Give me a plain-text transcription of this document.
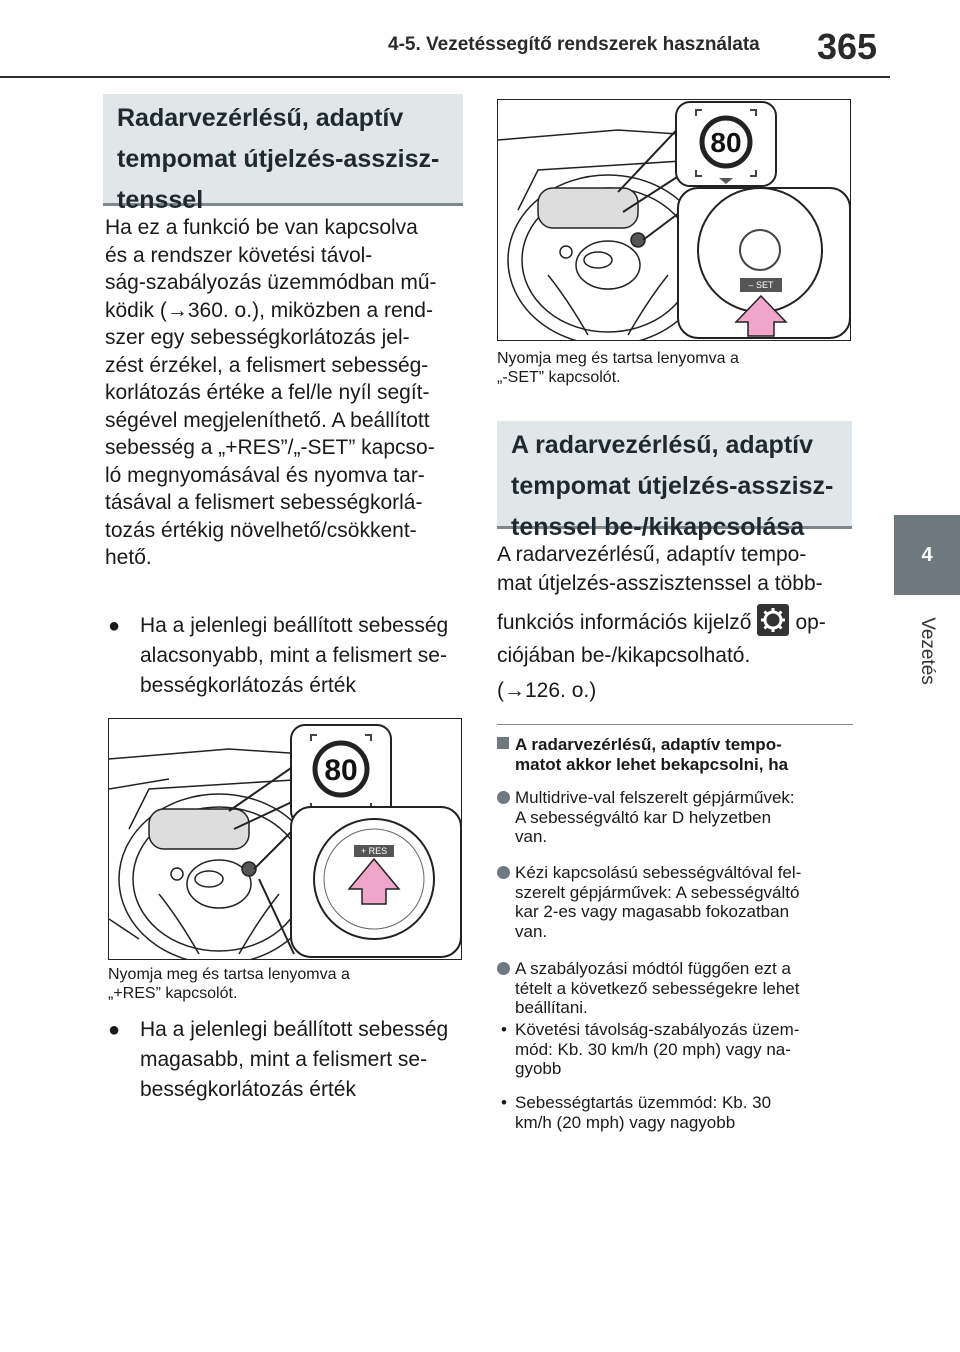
4-5. Vezetéssegítő rendszerek használata 365
4
Vezetés
Radarvezérlésű, adaptív
tempomat útjelzés-asszisz-
tenssel
Ha ez a funkció be van kapcsolva
és a rendszer követési távol-
ság-szabályozás üzemmódban mű-
ködik (→360. o.), miközben a rend-
szer egy sebességkorlátozás jel-
zést érzékel, a felismert sebesség-
korlátozás értéke a fel/le nyíl segít-
ségével megjeleníthető. A beállított
sebesség a „+RES”/„-SET” kapcso-
ló megnyomásával és nyomva tar-
tásával a felismert sebességkorlá-
tozás értékig növelhető/csökkent-
hető.
● Ha a jelenlegi beállított sebesség
alacsonyabb, mint a felismert se-
bességkorlátozás érték
80
+ RES
Nyomja meg és tartsa lenyomva a
„+RES” kapcsolót.
● Ha a jelenlegi beállított sebesség
magasabb, mint a felismert se-
bességkorlátozás érték
80
– SET
Nyomja meg és tartsa lenyomva a
„-SET” kapcsolót.
A radarvezérlésű, adaptív
tempomat útjelzés-asszisz-
tenssel be-/kikapcsolása
A radarvezérlésű, adaptív tempo-
mat útjelzés-asszisztenssel a több-
funkciós információs kijelző op-
ciójában be-/kikapcsolható.
(→126. o.)
A radarvezérlésű, adaptív tempo-
matot akkor lehet bekapcsolni, ha
Multidrive-val felszerelt gépjárművek:
A sebességváltó kar D helyzetben
van.
Kézi kapcsolású sebességváltóval fel-
szerelt gépjárművek: A sebességváltó
kar 2-es vagy magasabb fokozatban
van.
A szabályozási módtól függően ezt a
tételt a következő sebességekre lehet
beállítani.
• Követési távolság-szabályozás üzem-
mód: Kb. 30 km/h (20 mph) vagy na-
gyobb
• Sebességtartás üzemmód: Kb. 30
km/h (20 mph) vagy nagyobb
